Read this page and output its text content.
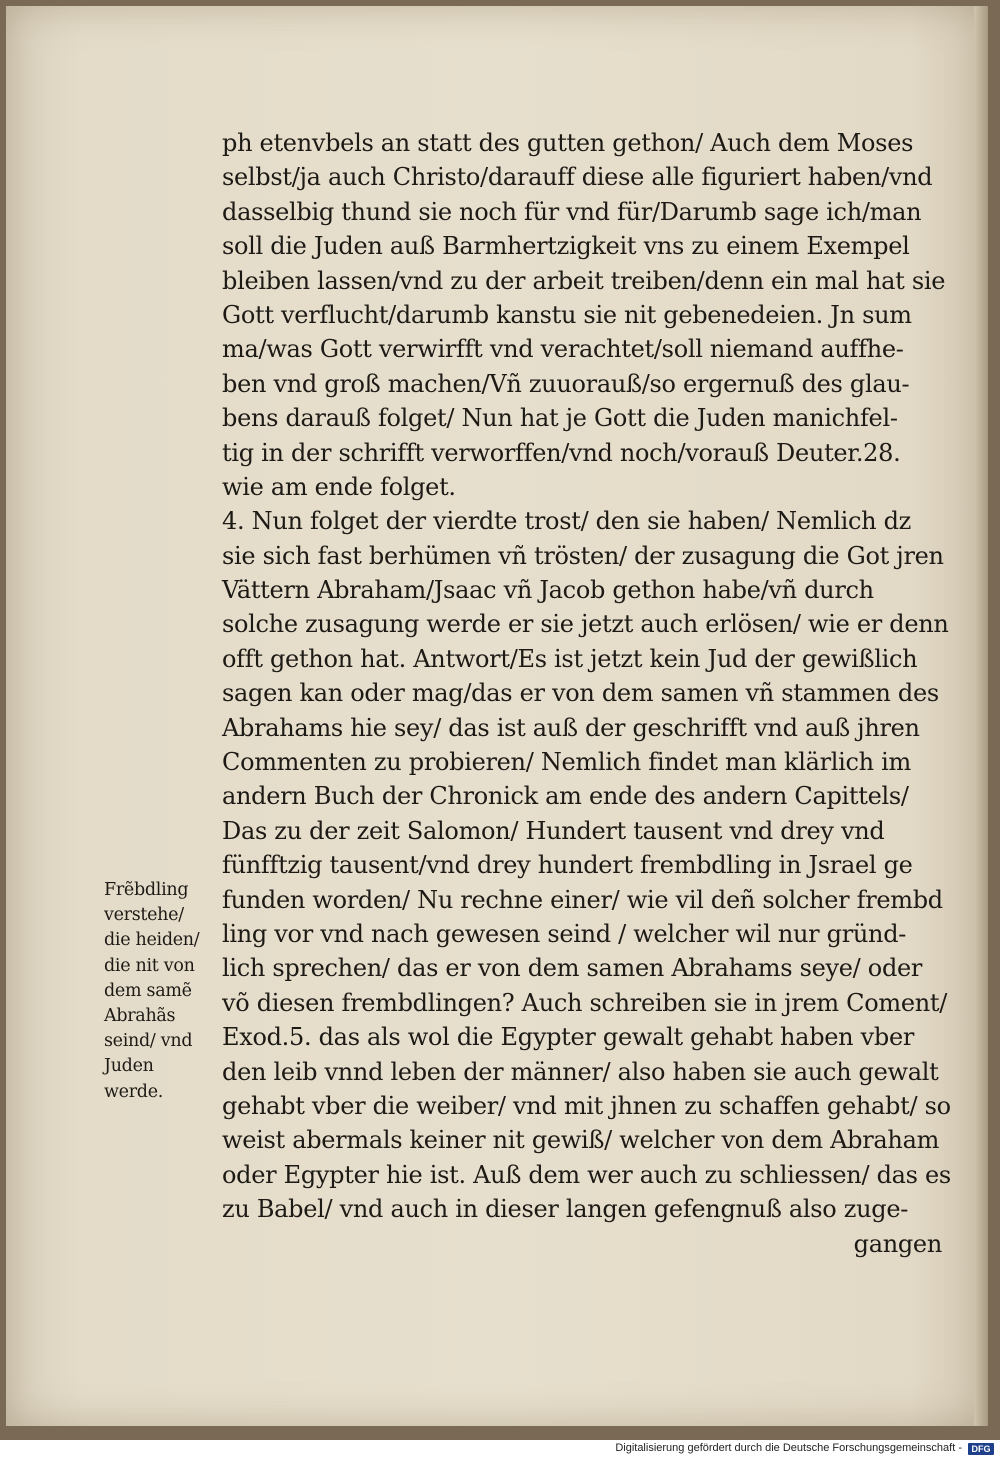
ph etenvbels an statt des gutten gethon/ Auch dem Moses
selbst/ja auch Christo/darauff diese alle figuriert haben/vnd
dasselbig thund sie noch für vnd für/Darumb sage ich/man
soll die Juden auß Barmhertzigkeit vns zu einem Exempel
bleiben lassen/vnd zu der arbeit treiben/denn ein mal hat sie
Gott verflucht/darumb kanstu sie nit gebenedeien. Jn sum
ma/was Gott verwirfft vnd verachtet/soll niemand auffhe-
ben vnd groß machen/Vñ zuuorauß/so ergernuß des glau-
bens darauß folget/ Nun hat je Gott die Juden manichfel-
tig in der schrifft verworffen/vnd noch/vorauß Deuter.28.
wie am ende folget.
4. Nun folget der vierdte trost/ den sie haben/ Nemlich dz
sie sich fast berhümen vñ trösten/ der zusagung die Got jren
Vättern Abraham/Jsaac vñ Jacob gethon habe/vñ durch
solche zusagung werde er sie jetzt auch erlösen/ wie er denn
offt gethon hat. Antwort/Es ist jetzt kein Jud der gewißlich
sagen kan oder mag/das er von dem samen vñ stammen des
Abrahams hie sey/ das ist auß der geschrifft vnd auß jhren
Commenten zu probieren/ Nemlich findet man klärlich im
andern Buch der Chronick am ende des andern Capittels/
Das zu der zeit Salomon/ Hundert tausent vnd drey vnd
fünfftzig tausent/vnd drey hundert frembdling in Jsrael ge
funden worden/ Nu rechne einer/ wie vil deñ solcher frembd
ling vor vnd nach gewesen seind / welcher wil nur gründ-
lich sprechen/ das er von dem samen Abrahams seye/ oder
võ diesen frembdlingen? Auch schreiben sie in jrem Coment/
Exod.5. das als wol die Egypter gewalt gehabt haben vber
den leib vnnd leben der männer/ also haben sie auch gewalt
gehabt vber die weiber/ vnd mit jhnen zu schaffen gehabt/ so
weist abermals keiner nit gewiß/ welcher von dem Abraham
oder Egypter hie ist. Auß dem wer auch zu schliessen/ das es
zu Babel/ vnd auch in dieser langen gefengnuß also zuge-
gangen
Frẽbdling
verstehe/
die heiden/
die nit von
dem samẽ
Abrahãs
seind/ vnd
Juden
werde.
Digitalisierung gefördert durch die Deutsche Forschungsgemeinschaft -	DFG
